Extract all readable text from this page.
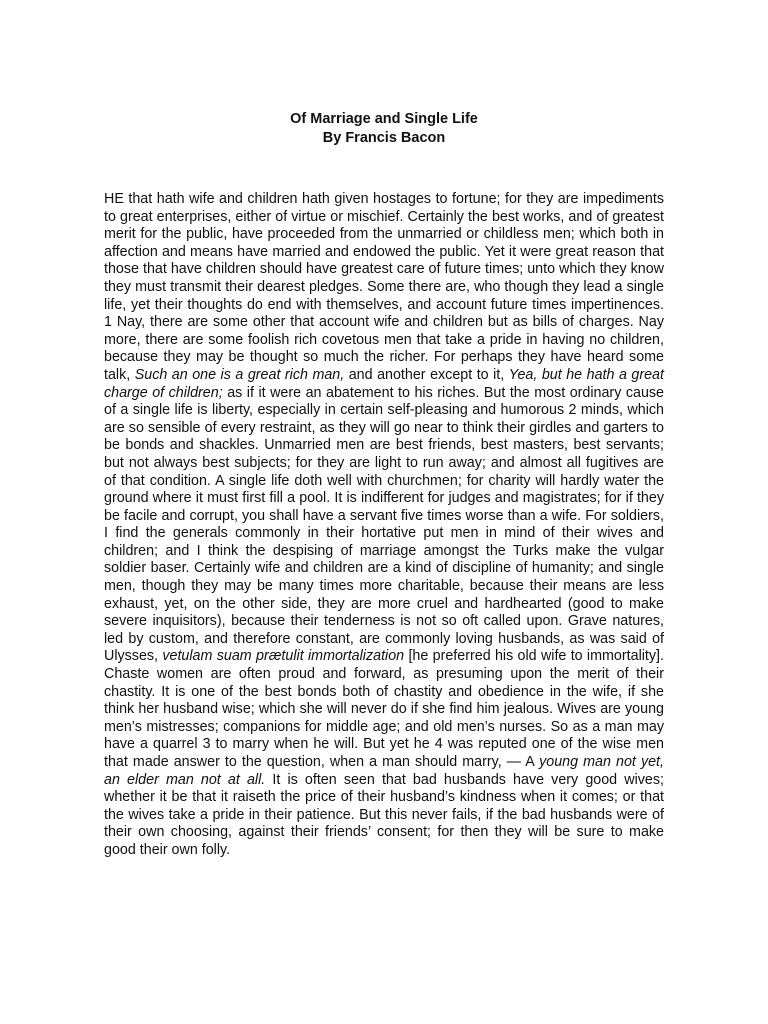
Of Marriage and Single Life
By Francis Bacon

HE that hath wife and children hath given hostages to fortune; for they are impediments to great enterprises, either of virtue or mischief. Certainly the best works, and of greatest merit for the public, have proceeded from the unmarried or childless men; which both in affection and means have married and endowed the public. Yet it were great reason that those that have children should have greatest care of future times; unto which they know they must transmit their dearest pledges. Some there are, who though they lead a single life, yet their thoughts do end with themselves, and account future times impertinences. 1 Nay, there are some other that account wife and children but as bills of charges. Nay more, there are some foolish rich covetous men that take a pride in having no children, because they may be thought so much the richer. For perhaps they have heard some talk, Such an one is a great rich man, and another except to it, Yea, but he hath a great charge of children; as if it were an abatement to his riches. But the most ordinary cause of a single life is liberty, especially in certain self-pleasing and humorous 2 minds, which are so sensible of every restraint, as they will go near to think their girdles and garters to be bonds and shackles. Unmarried men are best friends, best masters, best servants; but not always best subjects; for they are light to run away; and almost all fugitives are of that condition. A single life doth well with churchmen; for charity will hardly water the ground where it must first fill a pool. It is indifferent for judges and magistrates; for if they be facile and corrupt, you shall have a servant five times worse than a wife. For soldiers, I find the generals commonly in their hortative put men in mind of their wives and children; and I think the despising of marriage amongst the Turks make the vulgar soldier baser. Certainly wife and children are a kind of discipline of humanity; and single men, though they may be many times more charitable, because their means are less exhaust, yet, on the other side, they are more cruel and hardhearted (good to make severe inquisitors), because their tenderness is not so oft called upon. Grave natures, led by custom, and therefore constant, are commonly loving husbands, as was said of Ulysses, vetulam suam prætulit immortalization [he preferred his old wife to immortality]. Chaste women are often proud and forward, as presuming upon the merit of their chastity. It is one of the best bonds both of chastity and obedience in the wife, if she think her husband wise; which she will never do if she find him jealous. Wives are young men’s mistresses; companions for middle age; and old men’s nurses. So as a man may have a quarrel 3 to marry when he will. But yet he 4 was reputed one of the wise men that made answer to the question, when a man should marry, — A young man not yet, an elder man not at all. It is often seen that bad husbands have very good wives; whether it be that it raiseth the price of their husband’s kindness when it comes; or that the wives take a pride in their patience. But this never fails, if the bad husbands were of their own choosing, against their friends’ consent; for then they will be sure to make good their own folly.
